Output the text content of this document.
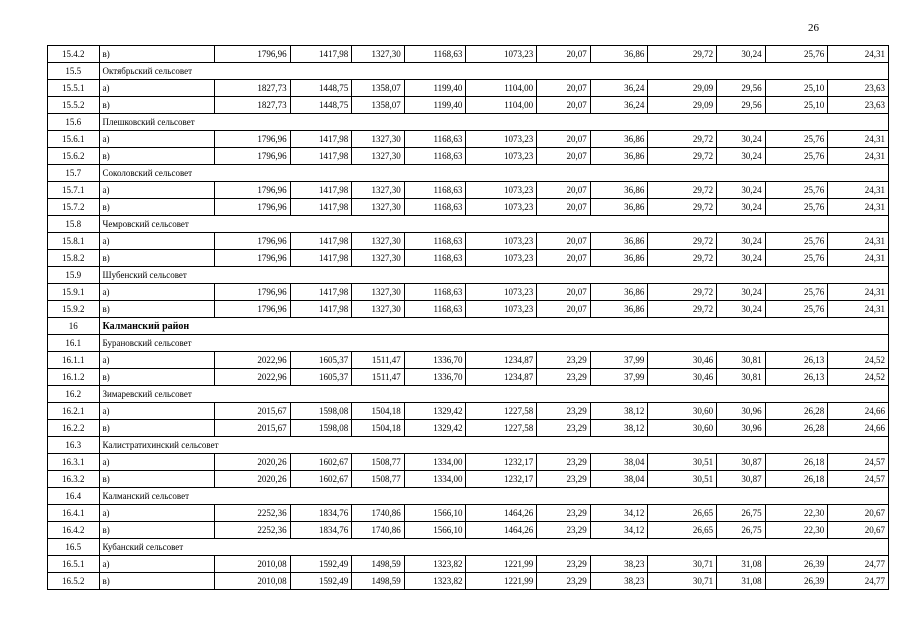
26
15.4.2	в)	1796,96	1417,98	1327,30	1168,63	1073,23	20,07	36,86	29,72	30,24	25,76	24,31
15.5	Октябрьский сельсовет											
15.5.1	а)	1827,73	1448,75	1358,07	1199,40	1104,00	20,07	36,24	29,09	29,56	25,10	23,63
15.5.2	в)	1827,73	1448,75	1358,07	1199,40	1104,00	20,07	36,24	29,09	29,56	25,10	23,63
15.6	Плешковский сельсовет											
15.6.1	а)	1796,96	1417,98	1327,30	1168,63	1073,23	20,07	36,86	29,72	30,24	25,76	24,31
15.6.2	в)	1796,96	1417,98	1327,30	1168,63	1073,23	20,07	36,86	29,72	30,24	25,76	24,31
15.7	Соколовский сельсовет											
15.7.1	а)	1796,96	1417,98	1327,30	1168,63	1073,23	20,07	36,86	29,72	30,24	25,76	24,31
15.7.2	в)	1796,96	1417,98	1327,30	1168,63	1073,23	20,07	36,86	29,72	30,24	25,76	24,31
15.8	Чемровский сельсовет											
15.8.1	а)	1796,96	1417,98	1327,30	1168,63	1073,23	20,07	36,86	29,72	30,24	25,76	24,31
15.8.2	в)	1796,96	1417,98	1327,30	1168,63	1073,23	20,07	36,86	29,72	30,24	25,76	24,31
15.9	Шубенский сельсовет											
15.9.1	а)	1796,96	1417,98	1327,30	1168,63	1073,23	20,07	36,86	29,72	30,24	25,76	24,31
15.9.2	в)	1796,96	1417,98	1327,30	1168,63	1073,23	20,07	36,86	29,72	30,24	25,76	24,31
16	Калманский район											
16.1	Бурановский сельсовет											
16.1.1	а)	2022,96	1605,37	1511,47	1336,70	1234,87	23,29	37,99	30,46	30,81	26,13	24,52
16.1.2	в)	2022,96	1605,37	1511,47	1336,70	1234,87	23,29	37,99	30,46	30,81	26,13	24,52
16.2	Зимаревский сельсовет											
16.2.1	а)	2015,67	1598,08	1504,18	1329,42	1227,58	23,29	38,12	30,60	30,96	26,28	24,66
16.2.2	в)	2015,67	1598,08	1504,18	1329,42	1227,58	23,29	38,12	30,60	30,96	26,28	24,66
16.3	Калистратихинский сельсовет											
16.3.1	а)	2020,26	1602,67	1508,77	1334,00	1232,17	23,29	38,04	30,51	30,87	26,18	24,57
16.3.2	в)	2020,26	1602,67	1508,77	1334,00	1232,17	23,29	38,04	30,51	30,87	26,18	24,57
16.4	Калманский сельсовет											
16.4.1	а)	2252,36	1834,76	1740,86	1566,10	1464,26	23,29	34,12	26,65	26,75	22,30	20,67
16.4.2	в)	2252,36	1834,76	1740,86	1566,10	1464,26	23,29	34,12	26,65	26,75	22,30	20,67
16.5	Кубанский сельсовет											
16.5.1	а)	2010,08	1592,49	1498,59	1323,82	1221,99	23,29	38,23	30,71	31,08	26,39	24,77
16.5.2	в)	2010,08	1592,49	1498,59	1323,82	1221,99	23,29	38,23	30,71	31,08	26,39	24,77
